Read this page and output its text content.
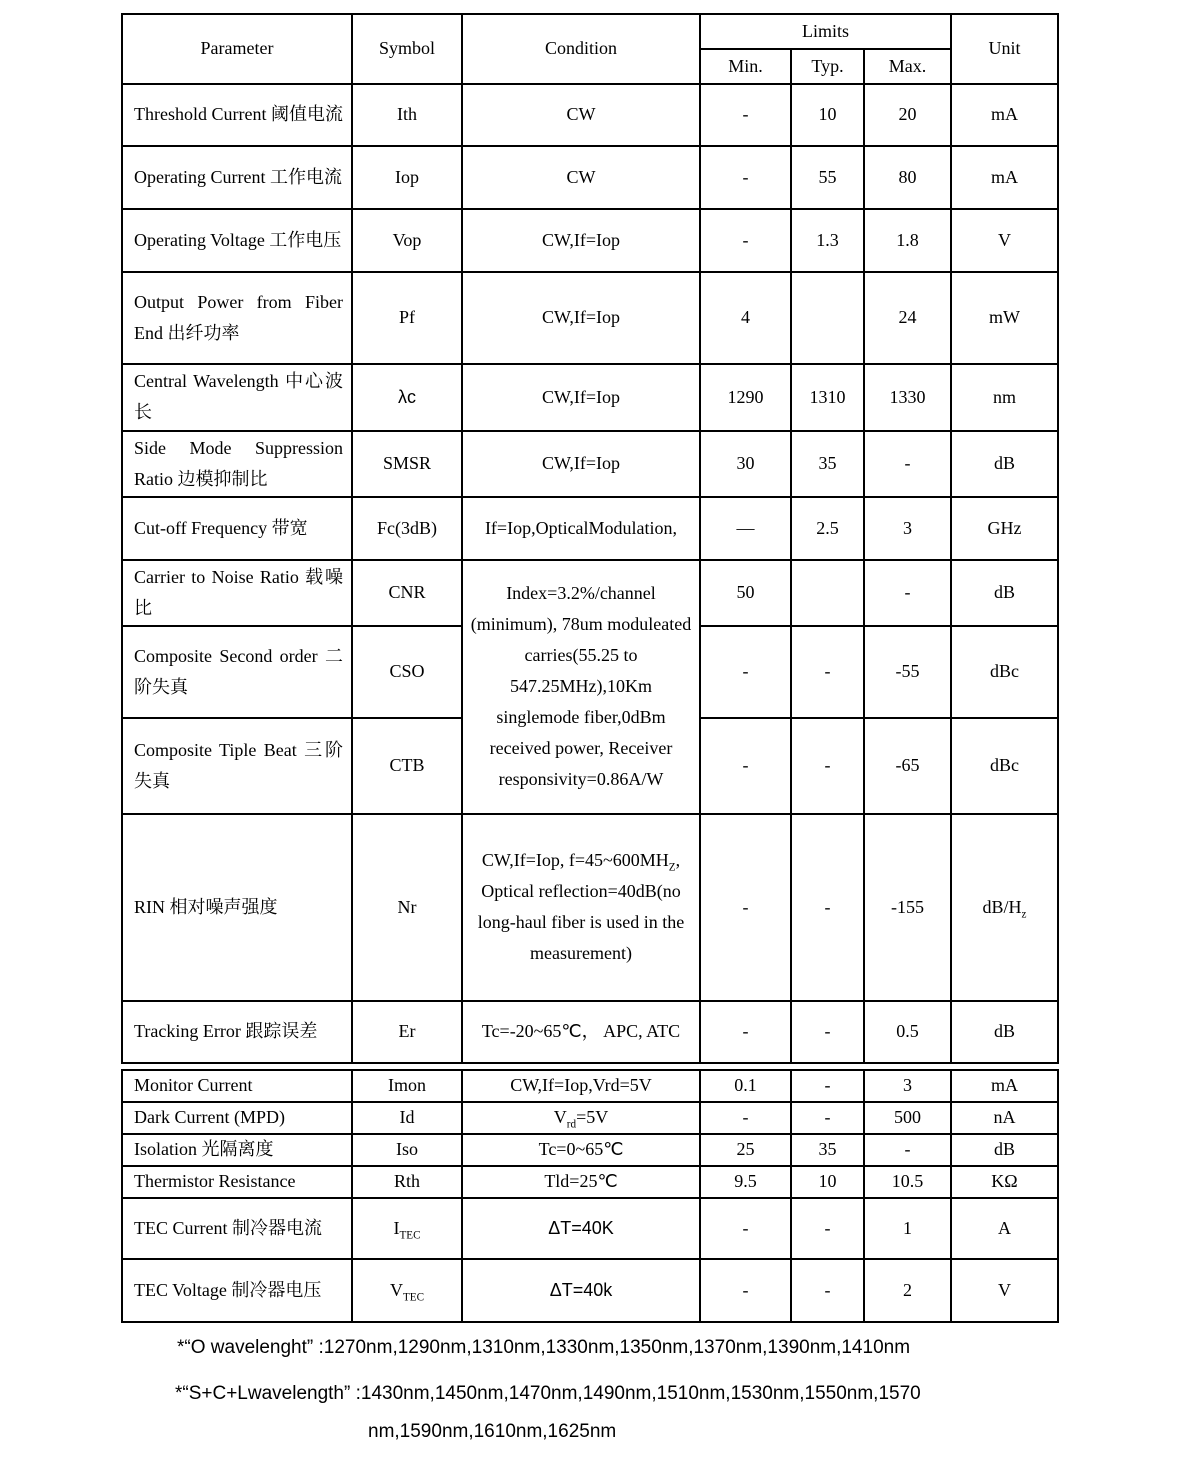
Parameter	Symbol	Condition	Limits			Unit
			Min.	Typ.	Max.	
Threshold Current 阈值电流	Ith	CW	-	10	20	mA
Operating Current 工作电流	Iop	CW	-	55	80	mA
Operating Voltage 工作电压	Vop	CW,If=Iop	-	1.3	1.8	V
Output Power from Fiber End 出纤功率	Pf	CW,If=Iop	4		24	mW
Central Wavelength 中心波长	λc	CW,If=Iop	1290	1310	1330	nm
Side Mode Suppression Ratio 边模抑制比	SMSR	CW,If=Iop	30	35	-	dB
Cut-off Frequency 带宽	Fc(3dB)	If=Iop,OpticalModulation,	—	2.5	3	GHz
Carrier to Noise Ratio 载噪比	CNR	Index=3.2%/channel (minimum), 78um moduleated carries(55.25 to 547.25MHz),10Km singlemode fiber,0dBm received power, Receiver responsivity=0.86A/W	50		-	dB
Composite Second order 二阶失真	CSO		-	-	-55	dBc
Composite Tiple Beat 三阶失真	CTB		-	-	-65	dBc
RIN 相对噪声强度	Nr	CW,If=Iop, $f=45\sim 600MH_Z$, Optical reflection=40dB(no long-haul fiber is used in the measurement)	-	-	-155	$dB/H_z$
Tracking Error 跟踪误差	Er	Tc=-20~65℃， APC, ATC	-	-	0.5	dB
Monitor Current	Imon	CW,If=Iop,Vrd=5V	0.1	-	3	mA
Dark Current (MPD)	Id	$V_{rd}=5V$	-	-	500	nA
Isolation 光隔离度	Iso	Tc=0~65℃	25	35	-	dB
Thermistor Resistance	Rth	Tld=25℃	9.5	10	10.5	KΩ
TEC Current 制冷器电流	$I_{TEC}$	ΔT=40K	-	-	1	A
TEC Voltage 制冷器电压	$V_{TEC}$	ΔT=40k	-	-	2	V
*“O wavelenght” :1270nm,1290nm,1310nm,1330nm,1350nm,1370nm,1390nm,1410nm
*“S+C+Lwavelength” :1430nm,1450nm,1470nm,1490nm,1510nm,1530nm,1550nm,1570
nm,1590nm,1610nm,1625nm
